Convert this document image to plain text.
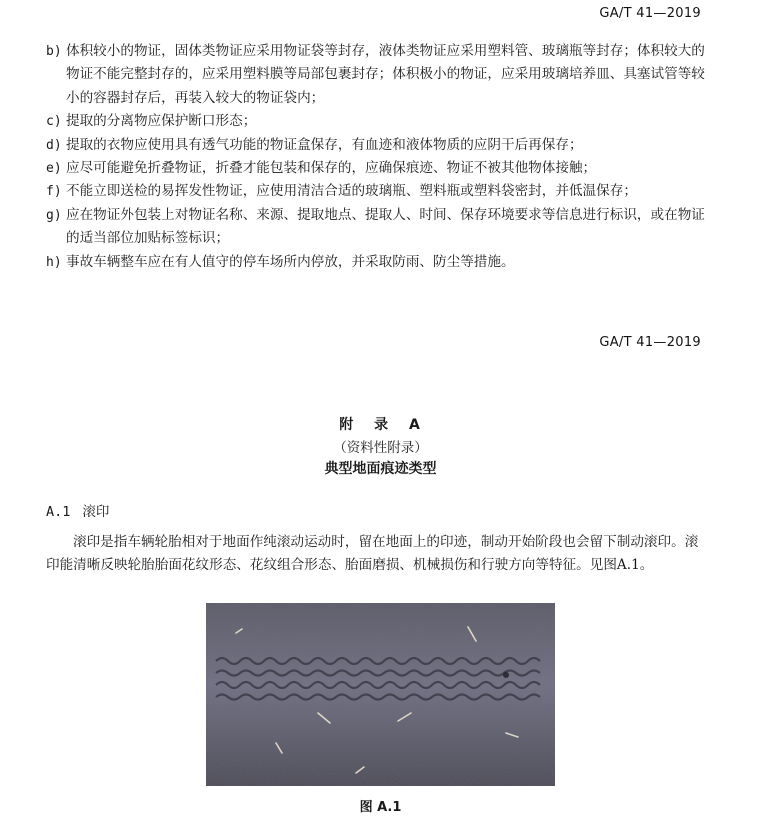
GA/T 41—2019
b ) 体积较小的物证，固体类物证应采用物证袋等封存，液体类物证应采用塑料管、玻璃瓶等封存；体积较大的物证不能完整封存的，应采用塑料膜等局部包裹封存；体积极小的物证，应采用玻璃培养皿、具塞试管等较小的容器封存后，再装入较大的物证袋内；
c ) 提取的分离物应保护断口形态；
d ) 提取的衣物应使用具有透气功能的物证盒保存，有血迹和液体物质的应阴干后再保存；
e ) 应尽可能避免折叠物证，折叠才能包装和保存的，应确保痕迹、物证不被其他物体接触；
f ) 不能立即送检的易挥发性物证，应使用清洁合适的玻璃瓶、塑料瓶或塑料袋密封，并低温保存；
g ) 应在物证外包装上对物证名称、来源、提取地点、提取人、时间、保存环境要求等信息进行标识，或在物证的适当部位加贴标签标识；
h ) 事故车辆整车应在有人值守的停车场所内停放，并采取防雨、防尘等措施。
GA/T 41—2019
附 录 A
（资料性附录）
典型地面痕迹类型
A.1 滚印
滚印是指车辆轮胎相对于地面作纯滚动运动时，留在地面上的印迹，制动开始阶段也会留下制动滚印。滚印能清晰反映轮胎胎面花纹形态、花纹组合形态、胎面磨损、机械损伤和行驶方向等特征。见图A.1。
图 A.1
